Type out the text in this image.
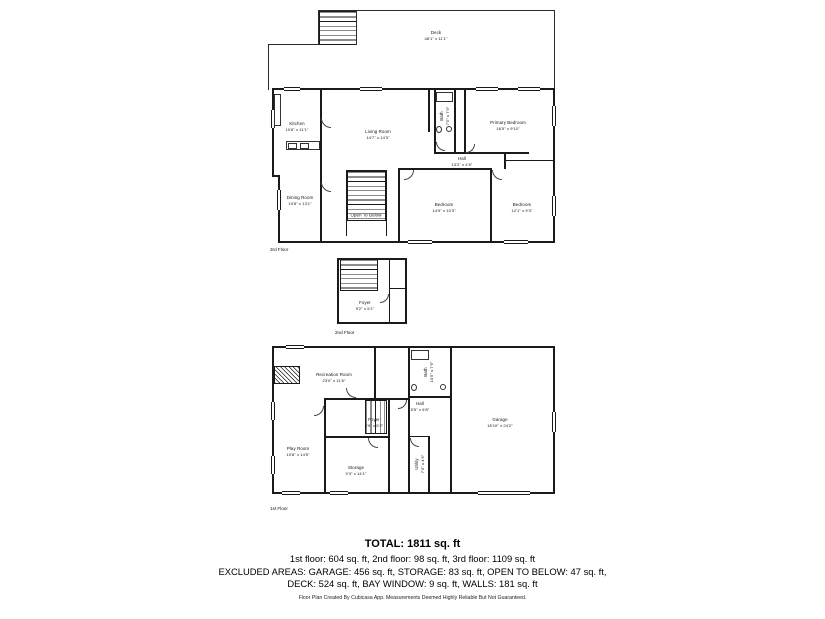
Deck
48'1" x 11'1"
Kitchen
10'8" x 11'1"	Living Room
14'7" x 14'3"
Primary Bedroom
16'5" x 9'10"
Hall
13'2" x 4'5"
Dining Room
10'8" x 13'1"	Bedroom
14'9" x 10'3"
Bedroom
12'1" x 9'3"
Bath 7'5" x 7'9"
Open To Below
3rd Floor
Foyer
9'2" x 5'1"
2nd Floor
Recreation Room
23'0" x 11'6"
Garage
18'10" x 24'2"
Play Room
10'8" x 14'5"
Storage
9'3" x 14'1"
Foyer
8'9" x 5'2"
Hall
5'5" x 6'8"
Bath 10'5" x 7'6"
Utility 7'0" x 4'5"
1st Floor
TOTAL: 1811 sq. ft
1st floor: 604 sq. ft, 2nd floor: 98 sq. ft, 3rd floor: 1109 sq. ft
EXCLUDED AREAS: GARAGE: 456 sq. ft, STORAGE: 83 sq. ft, OPEN TO BELOW: 47 sq. ft,
DECK: 524 sq. ft, BAY WINDOW: 9 sq. ft, WALLS: 181 sq. ft
Floor Plan Created By Cubicasa App. Measurements Deemed Highly Reliable But Not Guaranteed.
